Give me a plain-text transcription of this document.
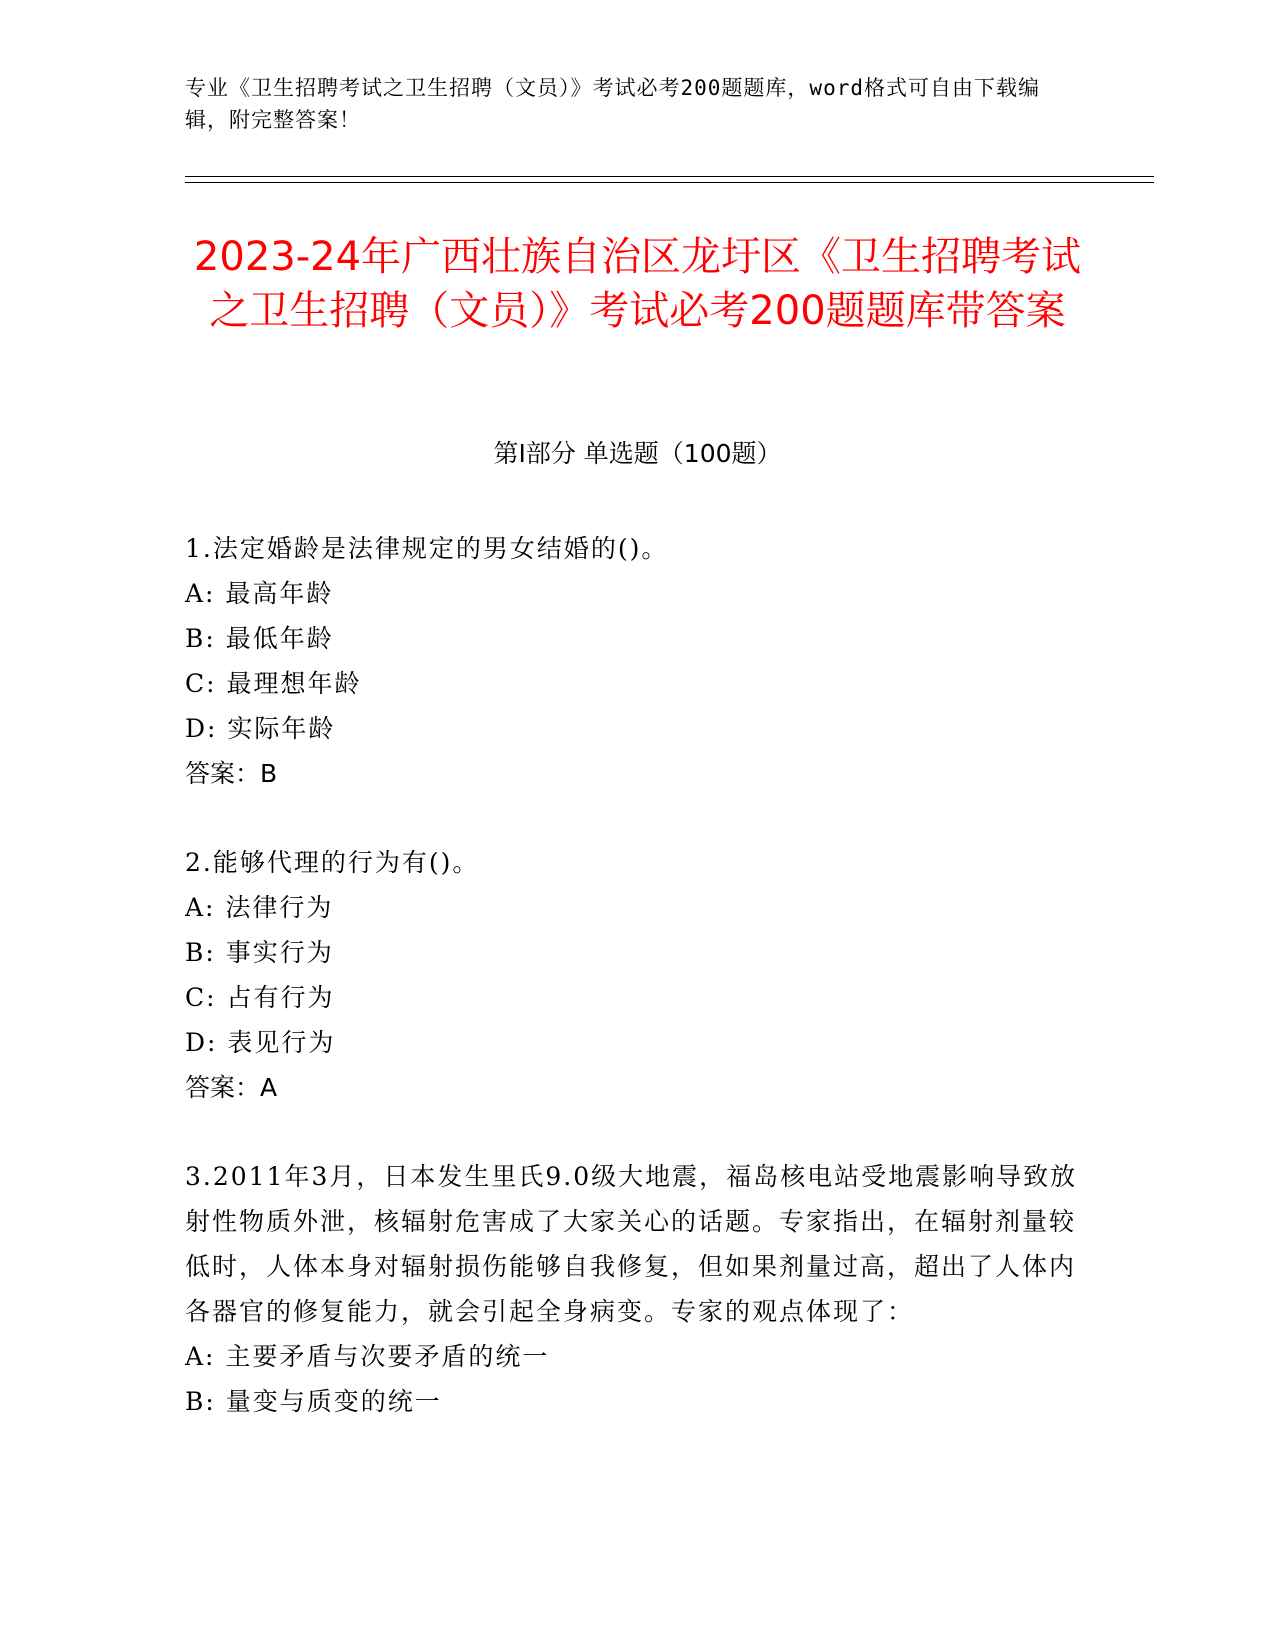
专业《卫生招聘考试之卫生招聘（文员）》考试必考200题题库，word格式可自由下载编辑，附完整答案！
2023-24年广西壮族自治区龙圩区《卫生招聘考试之卫生招聘（文员）》考试必考200题题库带答案
第Ⅰ部分 单选题（100题）
1.法定婚龄是法律规定的男女结婚的()。
A: 最高年龄
B: 最低年龄
C: 最理想年龄
D: 实际年龄
答案：B
2.能够代理的行为有()。
A: 法律行为
B: 事实行为
C: 占有行为
D: 表见行为
答案：A
3.2011年3月，日本发生里氏9.0级大地震，福岛核电站受地震影响导致放射性物质外泄，核辐射危害成了大家关心的话题。专家指出，在辐射剂量较低时，人体本身对辐射损伤能够自我修复，但如果剂量过高，超出了人体内各器官的修复能力，就会引起全身病变。专家的观点体现了：
A: 主要矛盾与次要矛盾的统一
B: 量变与质变的统一
